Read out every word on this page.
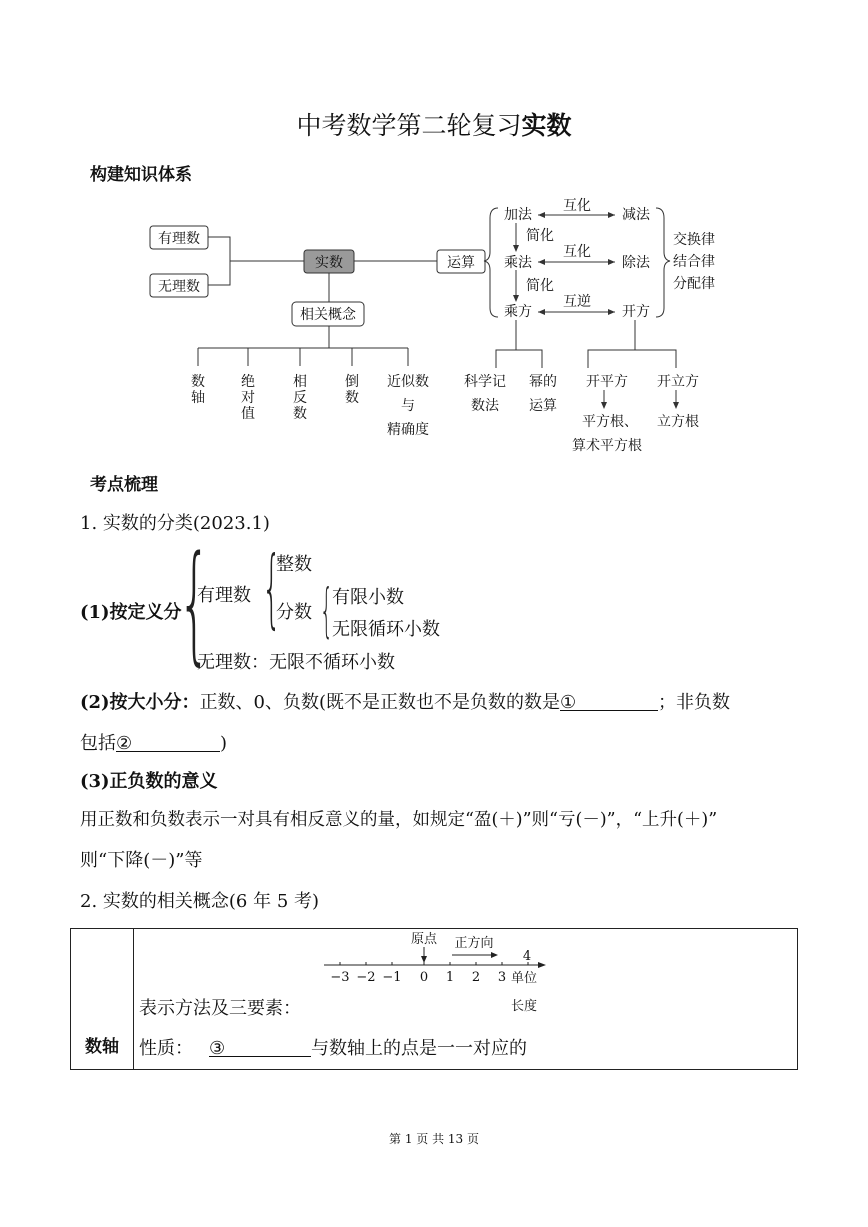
中考数学第二轮复习实数
构建知识体系
有理数
无理数
实数	运算
相关概念
加法	减法
乘法	除法
乘方	开方
互化
互化
互逆
简化
简化
交换律
结合律
分配律
数
轴
绝
对
值
相
反
数
倒
数
近似数
与
精确度
科学记
数法
幂的
运算
开平方 开立方
平方根、
算术平方根
立方根
考点梳理
1. 实数的分类(2023.1)
(1)按定义分
{
有理数 {
整数
分数 { 有限小数
无限循环小数
无理数：无限不循环小数
(2)按大小分：正数、0、负数(既不是正数也不是负数的数是①	；非负数
包括②	)
(3)正负数的意义
用正数和负数表示一对具有相反意义的量，如规定“盈(＋)”则“亏(－)”，“上升(＋)”
则“下降(－)”等
2. 实数的相关概念(6 年 5 考)
数轴	
原点 正方向
−3 −2 −1 0 1 2 3
4
单位
长度
表示方法及三要素：
性质： ③	与数轴上的点是一一对应的
第 1 页 共 13 页
